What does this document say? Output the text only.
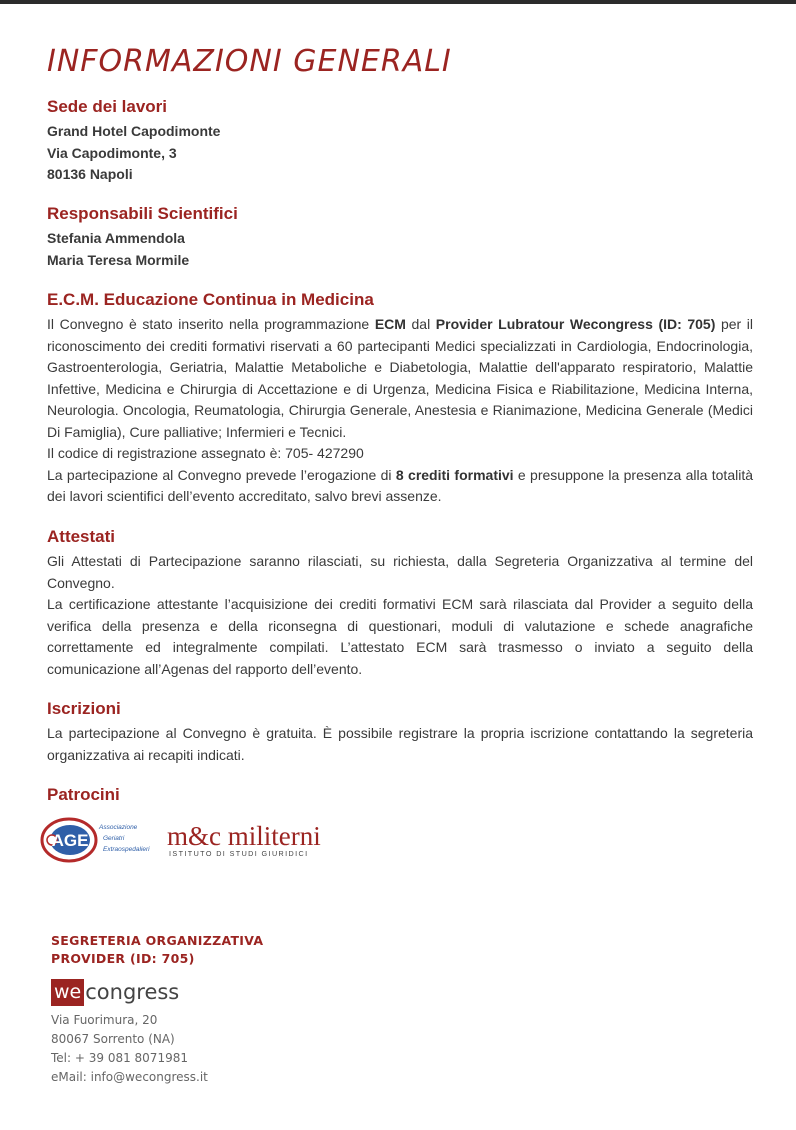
INFORMAZIONI GENERALI
Sede dei lavori
Grand Hotel Capodimonte
Via Capodimonte, 3
80136 Napoli
Responsabili Scientifici
Stefania Ammendola
Maria Teresa Mormile
E.C.M. Educazione Continua in Medicina

Il Convegno è stato inserito nella programmazione ECM dal Provider Lubratour Wecongress (ID: 705) per il riconoscimento dei crediti formativi riservati a 60 partecipanti Medici specializzati in Cardiologia, Endocrinologia, Gastroenterologia, Geriatria, Malattie Metaboliche e Diabetologia, Malattie dell'apparato respiratorio, Malattie Infettive, Medicina e Chirurgia di Accettazione e di Urgenza, Medicina Fisica e Riabilitazione, Medicina Interna, Neurologia. Oncologia, Reumatologia, Chirurgia Generale, Anestesia e Rianimazione, Medicina Generale (Medici Di Famiglia), Cure palliative; Infermieri e Tecnici.

Il codice di registrazione assegnato è: 705- 427290

La partecipazione al Convegno prevede l’erogazione di 8 crediti formativi e presuppone la presenza alla totalità dei lavori scientifici dell’evento accreditato, salvo brevi assenze.

Attestati

Gli Attestati di Partecipazione saranno rilasciati, su richiesta, dalla Segreteria Organizzativa al termine del Convegno.

La certificazione attestante l’acquisizione dei crediti formativi ECM sarà rilasciata dal Provider a seguito della verifica della presenza e della riconsegna di questionari, moduli di valutazione e schede anagrafiche correttamente ed integralmente compilati. L’attestato ECM sarà trasmesso o inviato a seguito della comunicazione all’Agenas del rapporto dell’evento.

Iscrizioni

La partecipazione al Convegno è gratuita. È possibile registrare la propria iscrizione contattando la segreteria organizzativa ai recapiti indicati.

Patrocini
AGE
Associazione
Geriatri
Extraospedalieri m&c militerni
ISTITUTO DI STUDI GIURIDICI
SEGRETERIA ORGANIZZATIVA
PROVIDER (ID: 705)
we congress
Via Fuorimura, 20
80067 Sorrento (NA)
Tel: + 39 081 8071981
eMail: info@wecongress.it
